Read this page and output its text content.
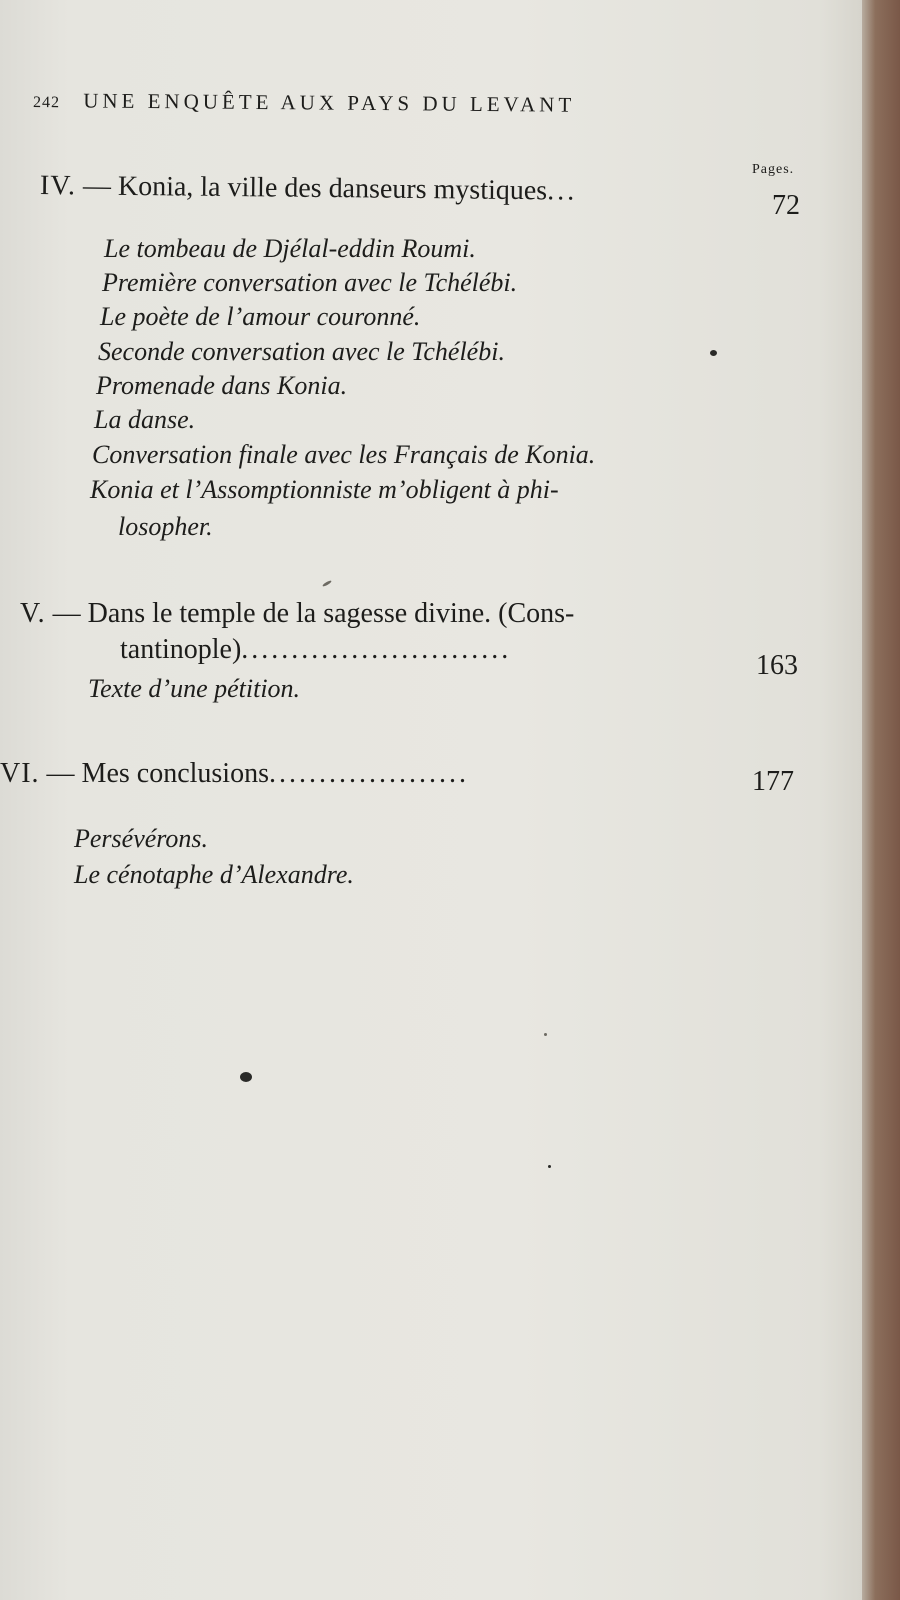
242 UNE ENQUÊTE AUX PAYS DU LEVANT
Pages.
IV. — Konia, la ville des danseurs mystiques...	72
Le tombeau de Djélal-eddin Roumi.
Première conversation avec le Tchélébi.
Le poète de l’amour couronné.
Seconde conversation avec le Tchélébi.
Promenade dans Konia.
La danse.
Conversation finale avec les Français de Konia.
Konia et l’Assomptionniste m’obligent à phi-
losopher.
V. — Dans le temple de la sagesse divine. (Cons-
tantinople)...........................
163
Texte d’une pétition.
VI. — Mes conclusions....................	177
Persévérons.
Le cénotaphe d’Alexandre.
